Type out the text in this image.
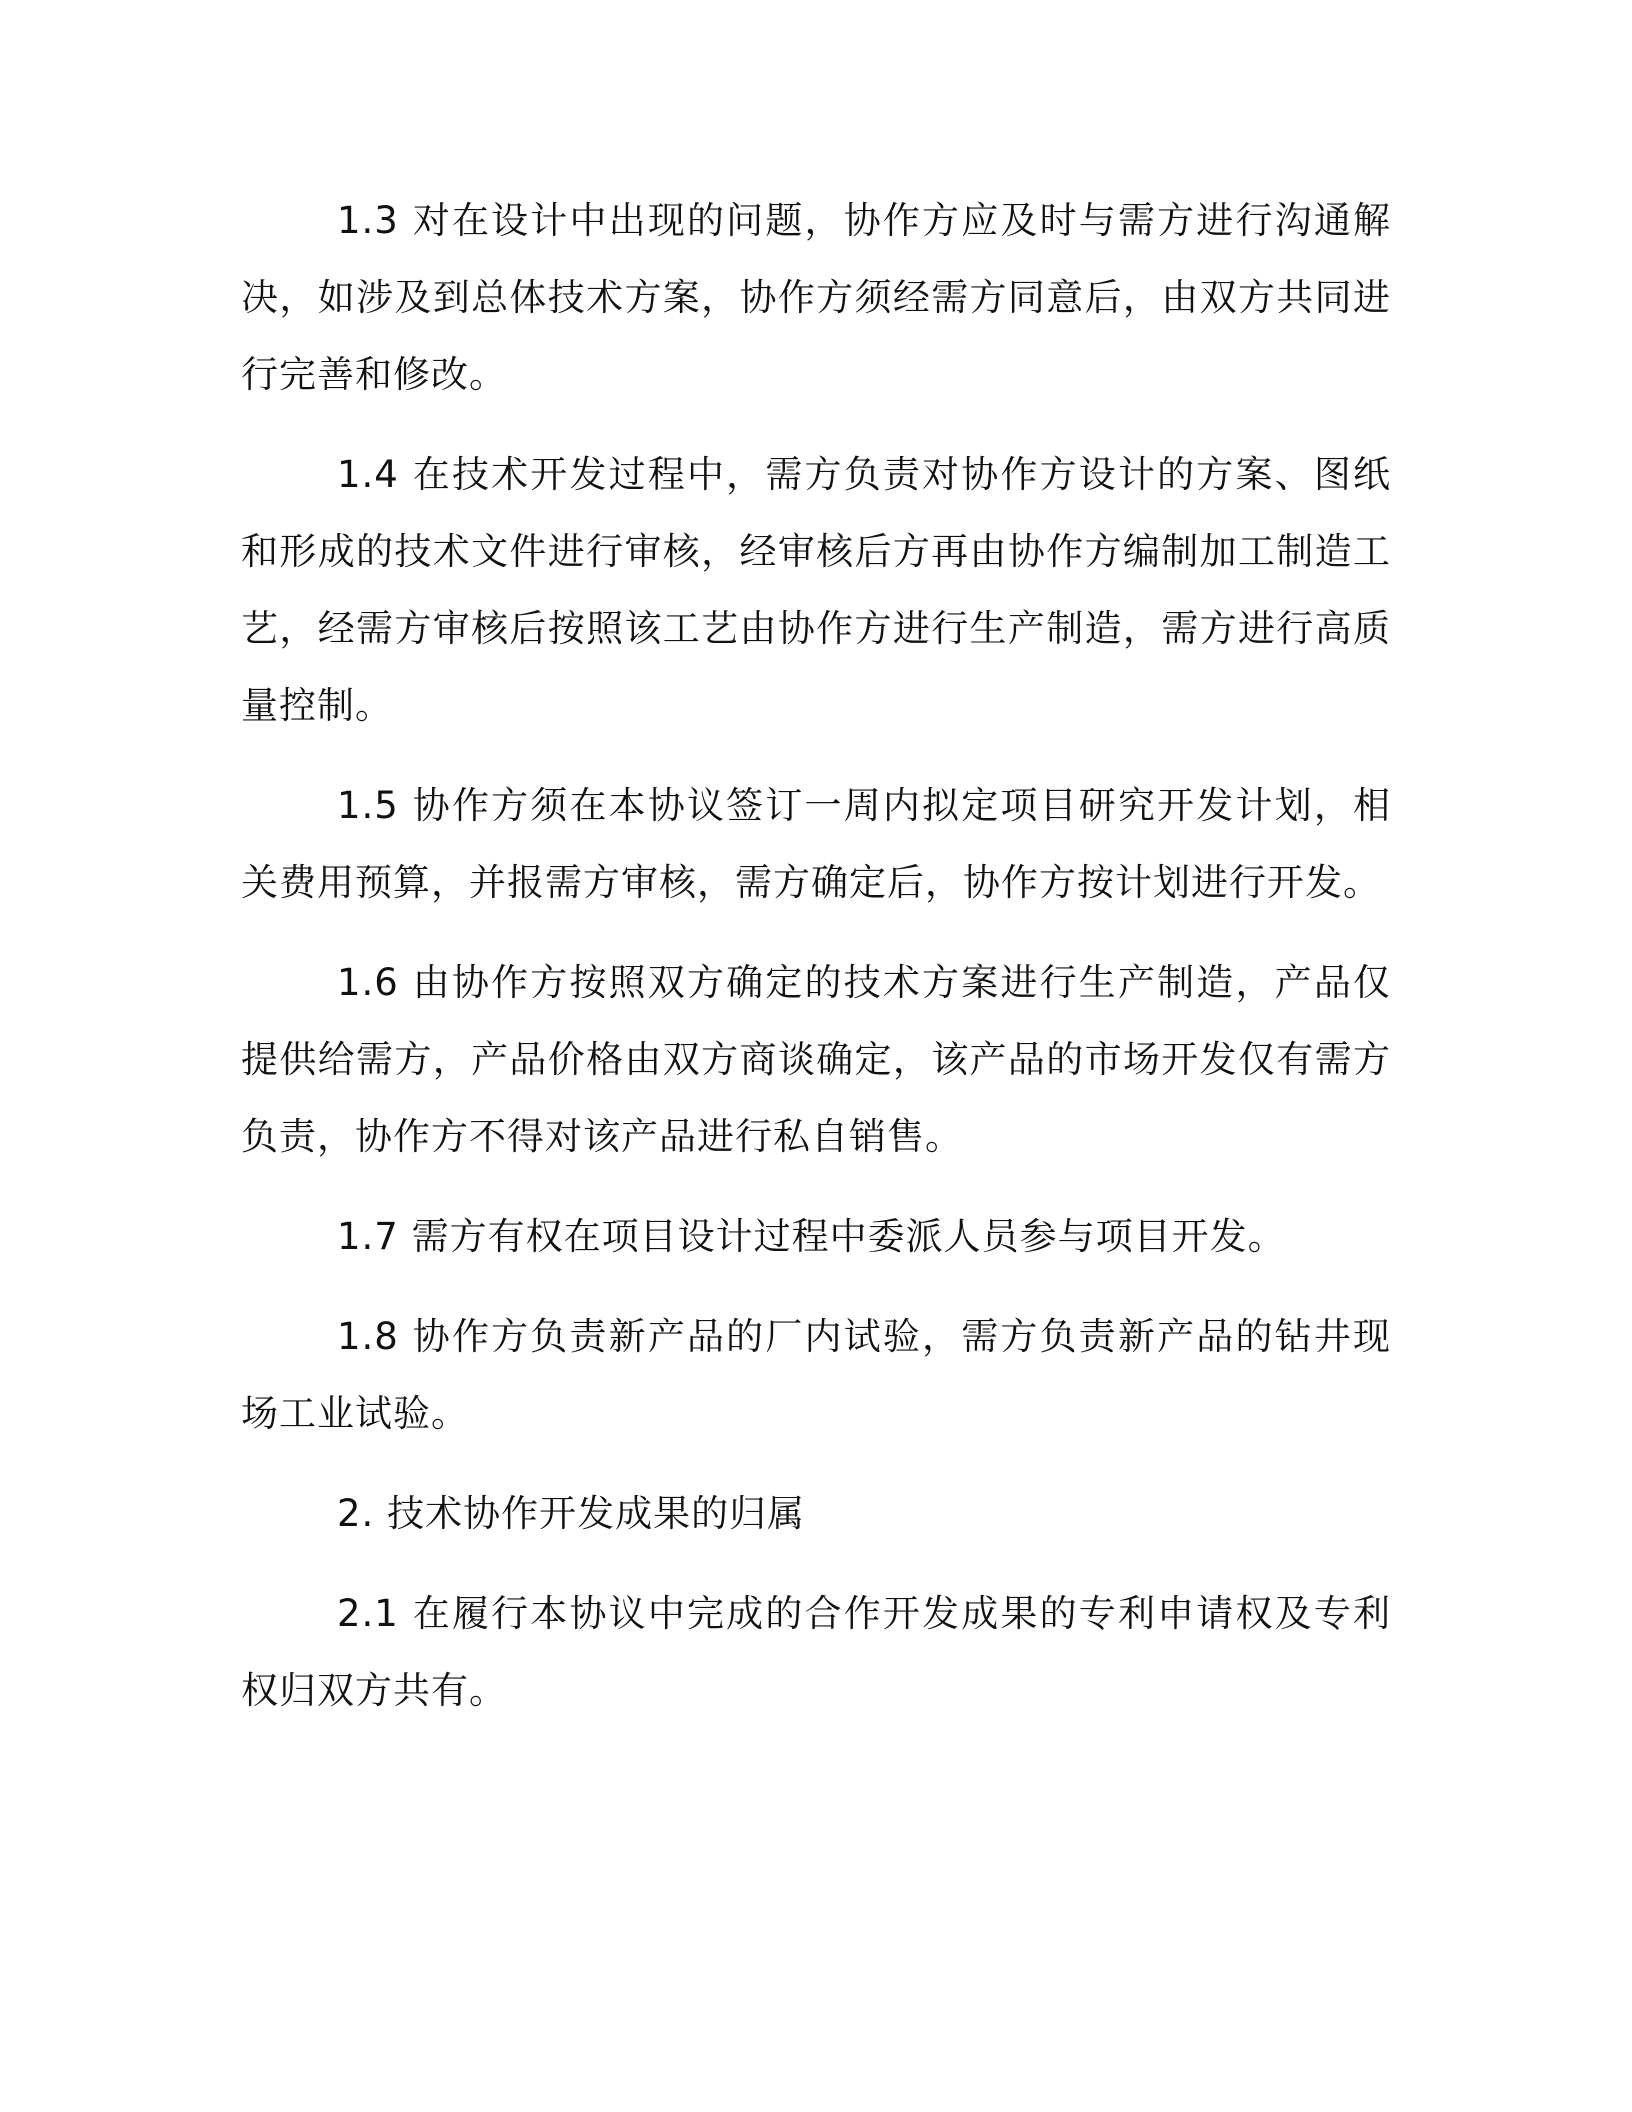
1.3 对在设计中出现的问题，协作方应及时与需方进行沟通解决，如涉及到总体技术方案，协作方须经需方同意后，由双方共同进行完善和修改。

1.4 在技术开发过程中，需方负责对协作方设计的方案、图纸和形成的技术文件进行审核，经审核后方再由协作方编制加工制造工艺，经需方审核后按照该工艺由协作方进行生产制造，需方进行高质量控制。

1.5 协作方须在本协议签订一周内拟定项目研究开发计划，相关费用预算，并报需方审核，需方确定后，协作方按计划进行开发。

1.6 由协作方按照双方确定的技术方案进行生产制造，产品仅提供给需方，产品价格由双方商谈确定，该产品的市场开发仅有需方负责，协作方不得对该产品进行私自销售。

1.7 需方有权在项目设计过程中委派人员参与项目开发。

1.8 协作方负责新产品的厂内试验，需方负责新产品的钻井现场工业试验。

2. 技术协作开发成果的归属

2.1 在履行本协议中完成的合作开发成果的专利申请权及专利权归双方共有。
